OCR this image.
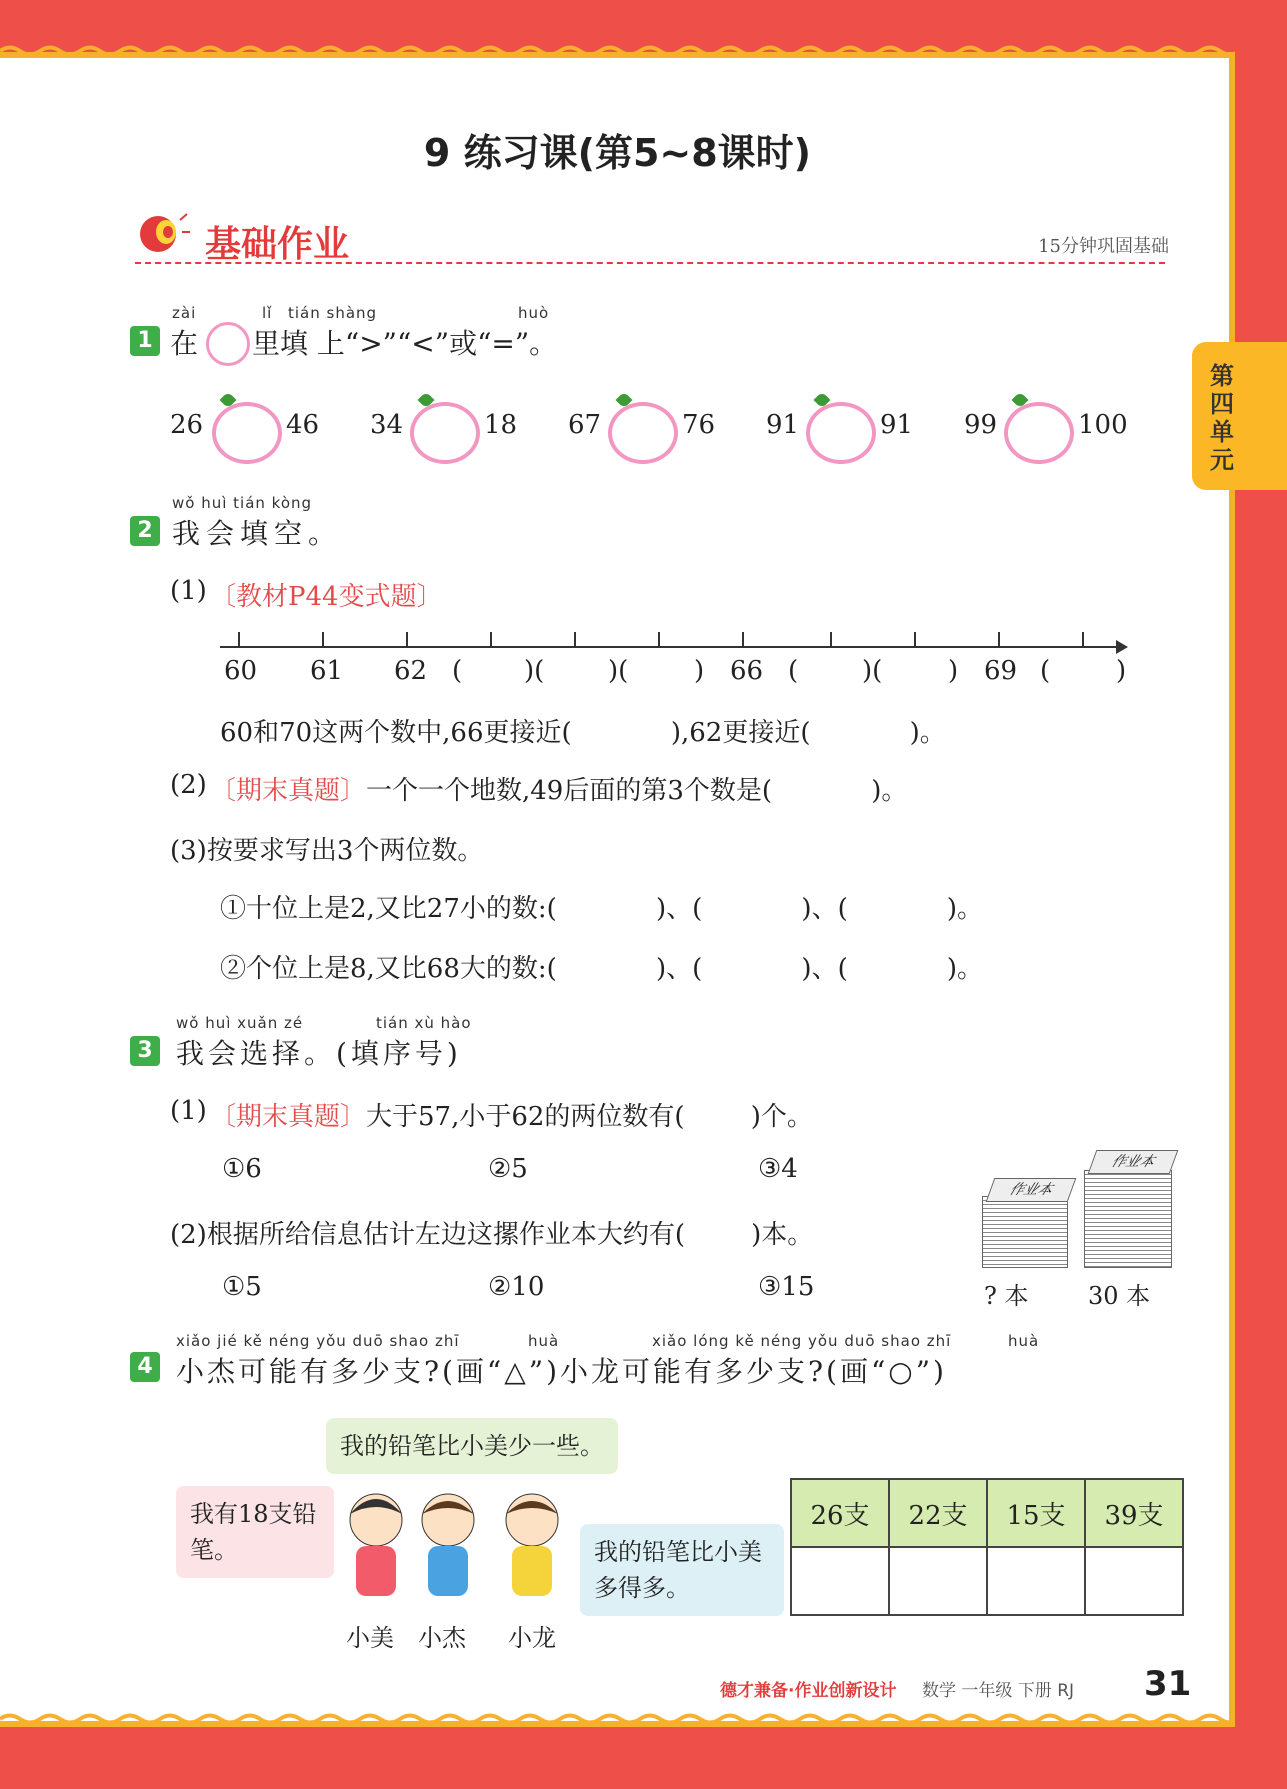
第四单元
9 练习课(第5~8课时)
基础作业	15分钟巩固基础
zài	lǐ tián shàng	huò
1 在 里填 上“>”“<”或“=”。
26	46 34	18 67	76 91	91 99	100
wǒ huì tián kòng
2 我会填空。
(1) 〔教材P44变式题〕
60 61 62 ( )( )(	) 66 ( )(	) 69 (	)
60和70这两个数中,66更接近(            ),62更接近(            )。
(2) 〔期末真题〕 一个一个地数,49后面的第3个数是(            )。
(3)按要求写出3个两位数。
①十位上是2,又比27小的数:(            )、(            )、(            )。
②个位上是8,又比68大的数:(            )、(            )、(            )。
wǒ huì xuǎn zé	tián xù hào
3 我会选择。(填序号)
(1) 〔期末真题〕 大于57,小于62的两位数有(        )个。
①6	②5	③4
(2)根据所给信息估计左边这摞作业本大约有(        )本。
①5	②10	③15
作业本
作业本
? 本 30 本
xiǎo jié kě néng yǒu duō shao zhī	huà	xiǎo lóng kě néng yǒu duō shao zhī	huà
4 小杰可能有多少支?(画“△”)小龙可能有多少支?(画“○”)
我的铅笔比小美少一些。
我有18支铅笔。	我的铅笔比小美多得多。
小美 小杰 小龙
26支	22支	15支	39支

德才兼备·作业创新设计 数学 一年级 下册 RJ 31
